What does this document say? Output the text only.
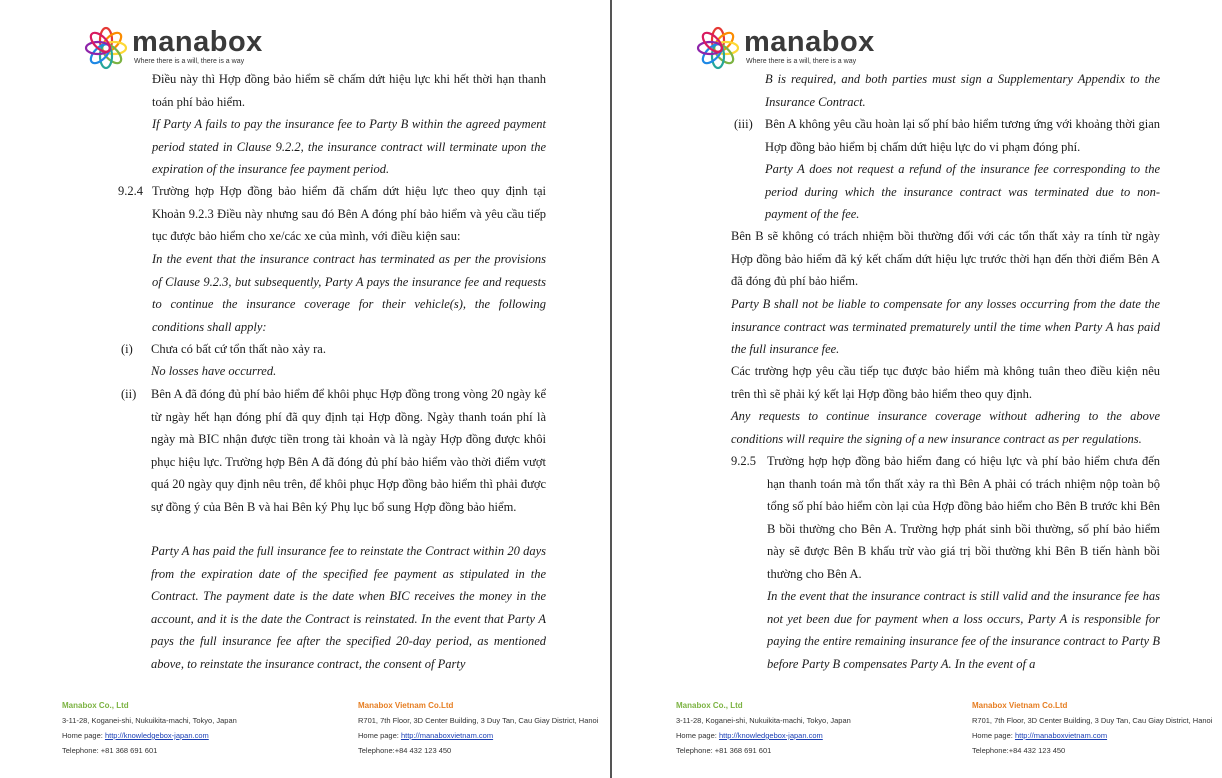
manabox
Where there is a will, there is a way
Điều này thì Hợp đồng bảo hiểm sẽ chấm dứt hiệu lực khi hết thời hạn thanh toán phí bảo hiểm.
If Party A fails to pay the insurance fee to Party B within the agreed payment period stated in Clause 9.2.2, the insurance contract will terminate upon the expiration of the insurance fee payment period.
9.2.4 Trường hợp Hợp đồng bảo hiểm đã chấm dứt hiệu lực theo quy định tại Khoản 9.2.3 Điều này nhưng sau đó Bên A đóng phí bảo hiểm và yêu cầu tiếp tục được bảo hiểm cho xe/các xe của mình, với điều kiện sau:
In the event that the insurance contract has terminated as per the provisions of Clause 9.2.3, but subsequently, Party A pays the insurance fee and requests to continue the insurance coverage for their vehicle(s), the following conditions shall apply:
(i) Chưa có bất cứ tổn thất nào xảy ra.
No losses have occurred.
(ii) Bên A đã đóng đủ phí bảo hiểm để khôi phục Hợp đồng trong vòng 20 ngày kể từ ngày hết hạn đóng phí đã quy định tại Hợp đồng. Ngày thanh toán phí là ngày mà BIC nhận được tiền trong tài khoản và là ngày Hợp đồng được khôi phục hiệu lực. Trường hợp Bên A đã đóng đủ phí bảo hiểm vào thời điểm vượt quá 20 ngày quy định nêu trên, để khôi phục Hợp đồng bảo hiểm thì phải được sự đồng ý của Bên B và hai Bên ký Phụ lục bổ sung Hợp đồng bảo hiểm.
Party A has paid the full insurance fee to reinstate the Contract within 20 days from the expiration date of the specified fee payment as stipulated in the Contract. The payment date is the date when BIC receives the money in the account, and it is the date the Contract is reinstated. In the event that Party A pays the full insurance fee after the specified 20-day period, as mentioned above, to reinstate the insurance contract, the consent of Party
Manabox Co., Ltd
3-11-28, Koganei-shi, Nukuikita-machi, Tokyo, Japan
Home page: http://knowledgebox-japan.com
Telephone: +81 368 691 601
Manabox Vietnam Co.Ltd
R701, 7th Floor, 3D Center Building, 3 Duy Tan, Cau Giay District, Hanoi
Home page: http://manaboxvietnam.com
Telephone:+84 432 123 450
manabox
Where there is a will, there is a way
B is required, and both parties must sign a Supplementary Appendix to the Insurance Contract.
(iii) Bên A không yêu cầu hoàn lại số phí bảo hiểm tương ứng với khoảng thời gian Hợp đồng bảo hiểm bị chấm dứt hiệu lực do vi phạm đóng phí.
Party A does not request a refund of the insurance fee corresponding to the period during which the insurance contract was terminated due to non-payment of the fee.
Bên B sẽ không có trách nhiệm bồi thường đối với các tổn thất xảy ra tính từ ngày Hợp đồng bảo hiểm đã ký kết chấm dứt hiệu lực trước thời hạn đến thời điểm Bên A đã đóng đủ phí bảo hiểm.
Party B shall not be liable to compensate for any losses occurring from the date the insurance contract was terminated prematurely until the time when Party A has paid the full insurance fee.
Các trường hợp yêu cầu tiếp tục được bảo hiểm mà không tuân theo điều kiện nêu trên thì sẽ phải ký kết lại Hợp đồng bảo hiểm theo quy định.
Any requests to continue insurance coverage without adhering to the above conditions will require the signing of a new insurance contract as per regulations.
9.2.5 Trường hợp hợp đồng bảo hiểm đang có hiệu lực và phí bảo hiểm chưa đến hạn thanh toán mà tổn thất xảy ra thì Bên A phải có trách nhiệm nộp toàn bộ tổng số phí bảo hiểm còn lại của Hợp đồng bảo hiểm cho Bên B trước khi Bên B bồi thường cho Bên A. Trường hợp phát sinh bồi thường, số phí bảo hiểm này sẽ được Bên B khấu trừ vào giá trị bồi thường khi Bên B tiến hành bồi thường cho Bên A.
In the event that the insurance contract is still valid and the insurance fee has not yet been due for payment when a loss occurs, Party A is responsible for paying the entire remaining insurance fee of the insurance contract to Party B before Party B compensates Party A. In the event of a
Manabox Co., Ltd
3-11-28, Koganei-shi, Nukuikita-machi, Tokyo, Japan
Home page: http://knowledgebox-japan.com
Telephone: +81 368 691 601
Manabox Vietnam Co.Ltd
R701, 7th Floor, 3D Center Building, 3 Duy Tan, Cau Giay District, Hanoi
Home page: http://manaboxvietnam.com
Telephone:+84 432 123 450
